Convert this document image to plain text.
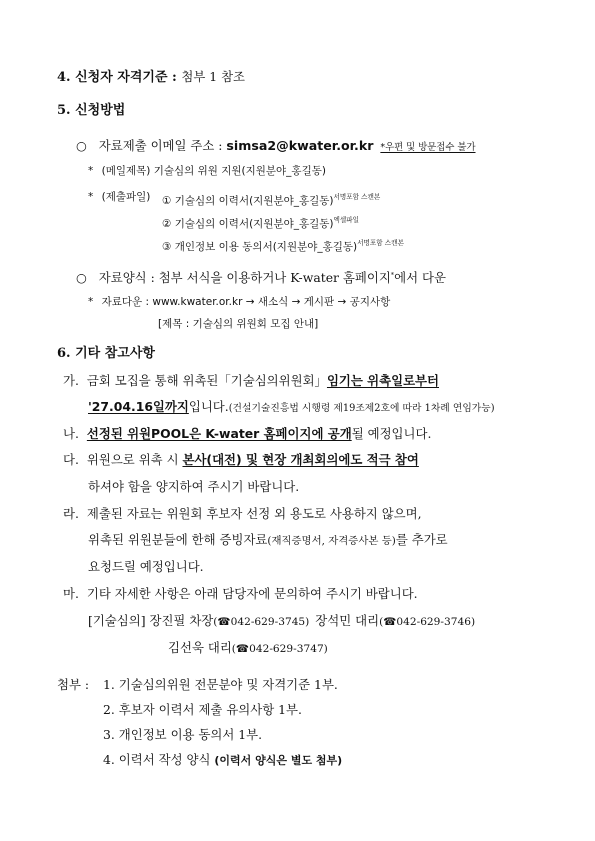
4. 신청자 자격기준 : 첨부 1 참조
5. 신청방법
○ 자료제출 이메일 주소 : simsa2@kwater.or.kr *우편 및 방문접수 불가
* (메일제목) 기술심의 위원 지원(지원분야_홍길동)
* (제출파일) ① 기술심의 이력서(지원분야_홍길동)$^{서명포함 스캔본}$
② 기술심의 이력서(지원분야_홍길동)$^{엑셀파일}$
③ 개인정보 이용 동의서(지원분야_홍길동)$^{서명포함 스캔본}$
○ 자료양식 : 첨부 서식을 이용하거나 K-water 홈페이지*에서 다운
* 자료다운 : www.kwater.or.kr → 새소식 → 게시판 → 공지사항
[제목 : 기술심의 위원회 모집 안내]
6. 기타 참고사항
가. 금회 모집을 통해 위촉된「기술심의위원회」임기는 위촉일로부터
'27.04.16일까지입니다.(건설기술진흥법 시행령 제19조제2호에 따라 1차례 연임가능)
나. 선정된 위원POOL은 K-water 홈페이지에 공개될 예정입니다.
다. 위원으로 위촉 시 본사(대전) 및 현장 개최회의에도 적극 참여
하셔야 함을 양지하여 주시기 바랍니다.
라. 제출된 자료는 위원회 후보자 선정 외 용도로 사용하지 않으며,
위촉된 위원분들에 한해 증빙자료(재직증명서, 자격증사본 등)를 추가로
요청드릴 예정입니다.
마. 기타 자세한 사항은 아래 담당자에 문의하여 주시기 바랍니다.
[기술심의] 장진필 차장(☎042-629-3745) 장석민 대리(☎042-629-3746)
김선욱 대리(☎042-629-3747)
첨부 : 1. 기술심의위원 전문분야 및 자격기준 1부.
2. 후보자 이력서 제출 유의사항 1부.
3. 개인정보 이용 동의서 1부.
4. 이력서 작성 양식 (이력서 양식은 별도 첨부)
